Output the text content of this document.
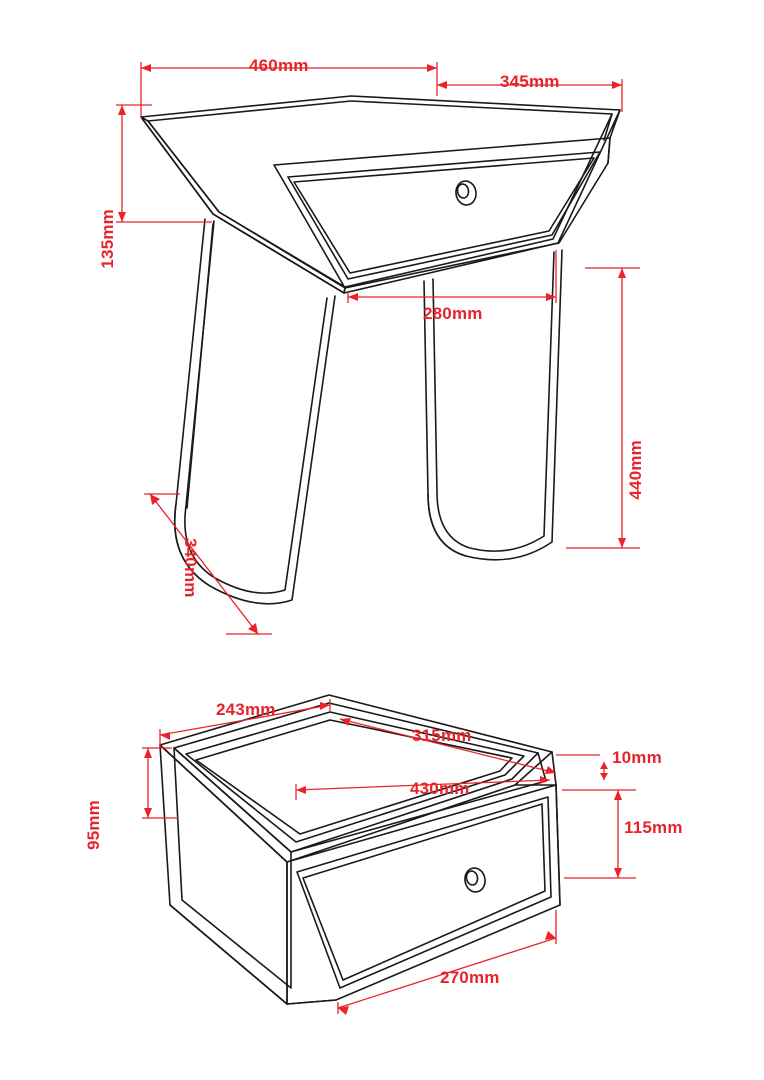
460mm
345mm
135mm
280mm
440mm
340mm
243mm
315mm
95mm
430mm
10mm
115mm
270mm
